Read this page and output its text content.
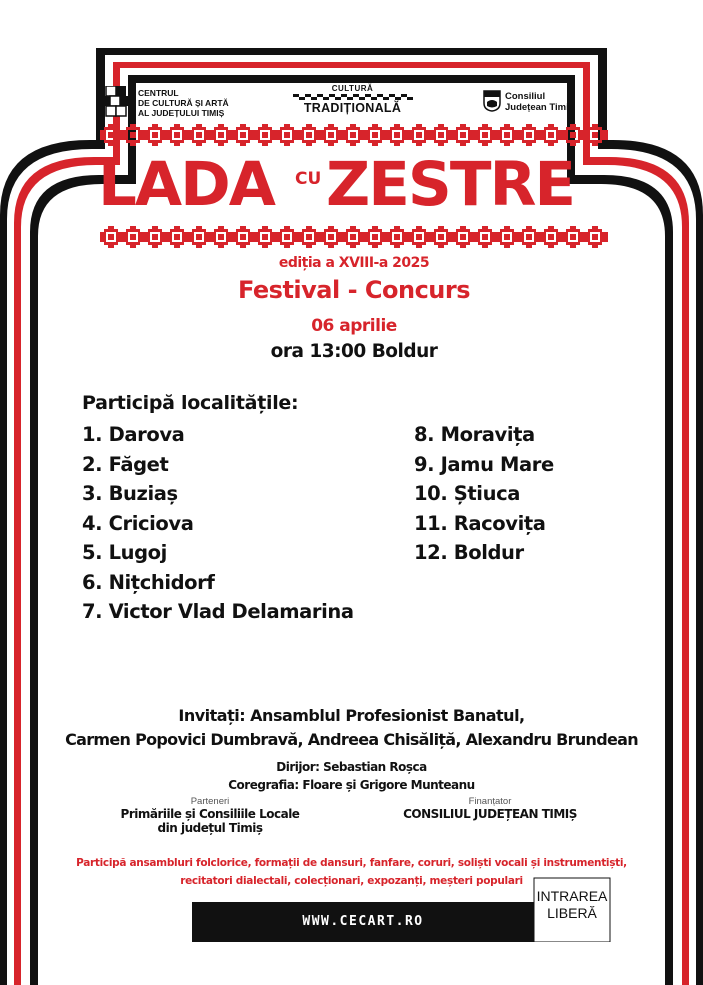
CENTRUL
DE CULTURĂ ȘI ARTĂ
AL JUDEȚULUI TIMIȘ
CULTURĂ
TRADIȚIONALĂ
Consiliul
Județean Timiș
LADA CU ZESTRE
ediția a XVIII-a 2025
Festival - Concurs
06 aprilie
ora 13:00 Boldur
Participă localitățile:
1. Darova
2. Făget
3. Buziaș
4. Criciova
5. Lugoj
6. Nițchidorf
7. Victor Vlad Delamarina
8. Moravița
9. Jamu Mare
10. Știuca
11. Racovița
12. Boldur
Invitați: Ansamblul Profesionist Banatul,
Carmen Popovici Dumbravă, Andreea Chisăliță, Alexandru Brundean
Dirijor: Sebastian Roșca
Coregrafia: Floare și Grigore Munteanu
Parteneri
Primăriile și Consiliile Locale
din județul Timiș
Finanțator
CONSILIUL JUDEȚEAN TIMIȘ
Participă ansambluri folclorice, formații de dansuri, fanfare, coruri, soliști vocali și instrumentiști,
recitatori dialectali, colecționari, expozanți, meșteri populari
WWW.CECART.RO
INTRAREA
LIBERĂ
